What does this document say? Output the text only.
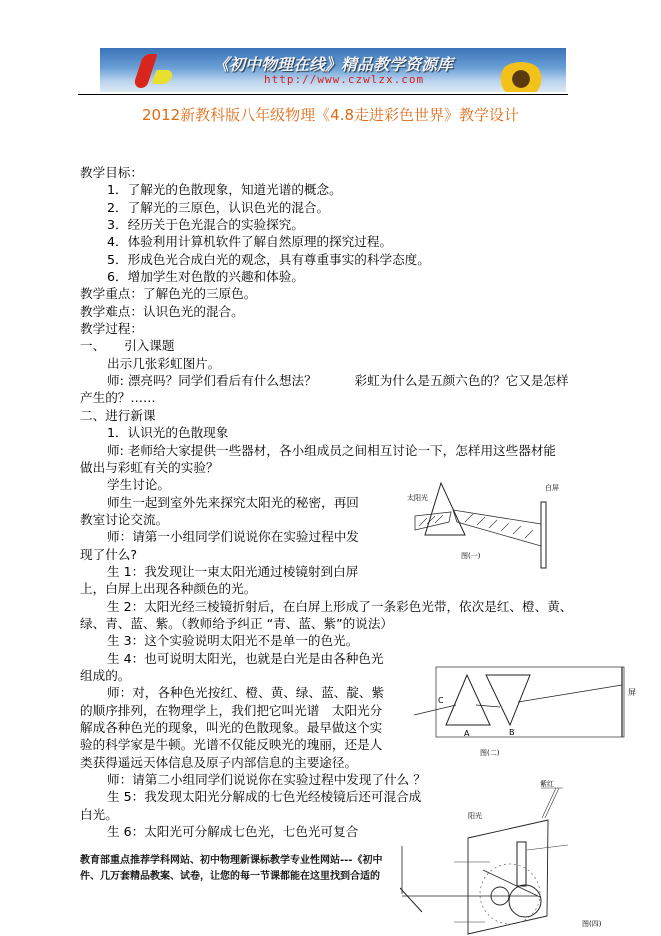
《初中物理在线》精品教学资源库
http://www.czwlzx.com
2012新教科版八年级物理《4.8走进彩色世界》教学设计
教学目标：
1．了解光的色散现象，知道光谱的概念。
2．了解光的三原色，认识色光的混合。
3．经历关于色光混合的实验探究。
4．体验利用计算机软件了解自然原理的探究过程。
5．形成色光合成白光的观念，具有尊重事实的科学态度。
6．增加学生对色散的兴趣和体验。
教学重点：了解色光的三原色。
教学难点：认识色光的混合。
教学过程：
一、　　引入课题
出示几张彩虹图片。
师: 漂亮吗？同学们看后有什么想法？　　　彩虹为什么是五颜六色的？它又是怎样
产生的？……
二、进行新课
1．认识光的色散现象
师: 老师给大家提供一些器材，各小组成员之间相互讨论一下，怎样用这些器材能
做出与彩虹有关的实验？
学生讨论。
师生一起到室外先来探究太阳光的秘密，再回
教室讨论交流。
师：请第一小组同学们说说你在实验过程中发
现了什么?
生 1：我发现让一束太阳光通过棱镜射到白屏
上，白屏上出现各种颜色的光。
生 2：太阳光经三棱镜折射后，在白屏上形成了一条彩色光带，依次是红、橙、黄、
绿、青、蓝、紫。（教师给予纠正 “青、蓝、紫”的说法）
生 3：这个实验说明太阳光不是单一的色光。
生 4：也可说明太阳光，也就是白光是由各种色光
组成的。
师：对，各种色光按红、橙、黄、绿、蓝、靛、紫
的顺序排列，在物理学上，我们把它叫光谱　太阳光分
解成各种色光的现象，叫光的色散现象。最早做这个实
验的科学家是牛顿。光谱不仅能反映光的瑰丽，还是人
类获得遥远天体信息及原子内部信息的主要途径。
师：请第二小组同学们说说你在实验过程中发现了什么 ？
生 5：我发现太阳光分解成的七色光经棱镜后还可混合成
白光。
生 6：太阳光可分解成七色光，七色光可复合
太阳光
白屏
图(一)
屏
C
A	B
图(二)
紫红
阳光
图(四)
教育部重点推荐学科网站、初中物理新课标教学专业性网站---《初中
件、几万套精品教案、试卷，让您的每一节课都能在这里找到合适的
